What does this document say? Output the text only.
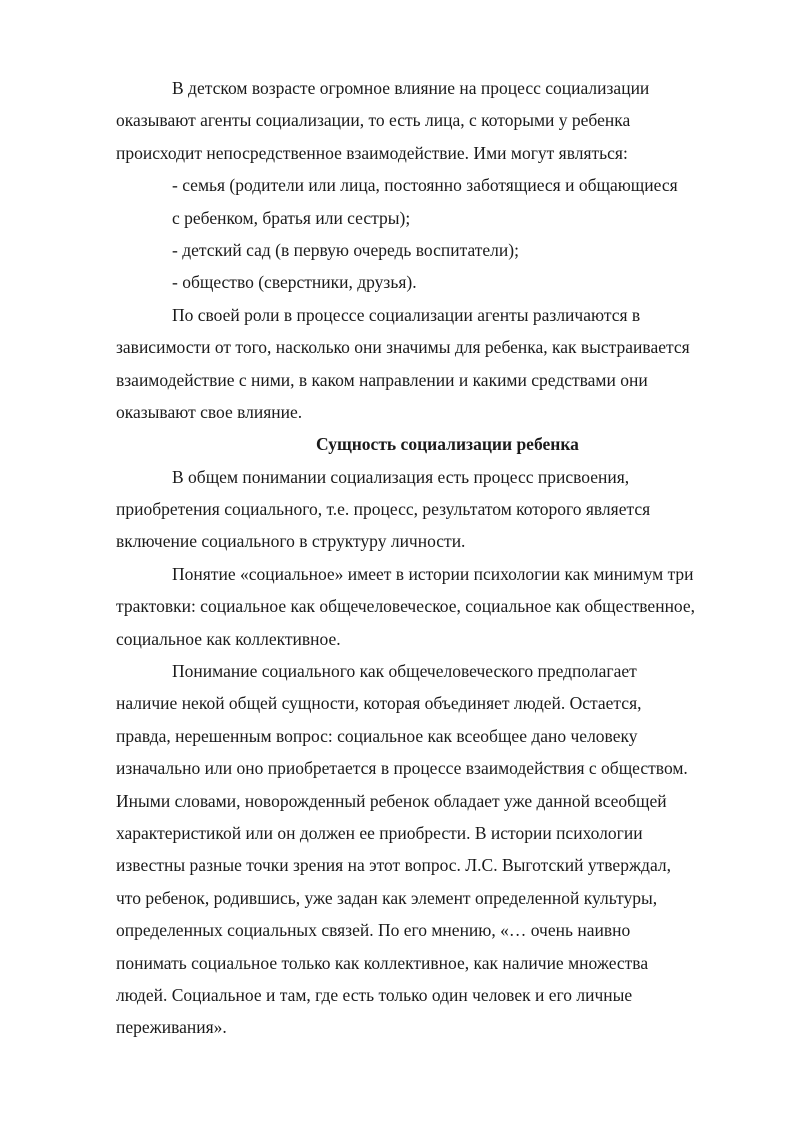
В детском возрасте огромное влияние на процесс социализации
оказывают агенты социализации, то есть лица, с которыми у ребенка
происходит непосредственное взаимодействие. Ими могут являться:
- семья (родители или лица, постоянно заботящиеся и общающиеся
с ребенком, братья или сестры);
- детский сад (в первую очередь воспитатели);
- общество (сверстники, друзья).
По своей роли в процессе социализации агенты различаются в
зависимости от того, насколько они значимы для ребенка, как выстраивается
взаимодействие с ними, в каком направлении и какими средствами они
оказывают свое влияние.
Сущность социализации ребенка
В общем понимании социализация есть процесс присвоения,
приобретения социального, т.е. процесс, результатом которого является
включение социального в структуру личности.
Понятие «социальное» имеет в истории психологии как минимум три
трактовки: социальное как общечеловеческое, социальное как общественное,
социальное как коллективное.
Понимание социального как общечеловеческого предполагает
наличие некой общей сущности, которая объединяет людей. Остается,
правда, нерешенным вопрос: социальное как всеобщее дано человеку
изначально или оно приобретается в процессе взаимодействия с обществом.
Иными словами, новорожденный ребенок обладает уже данной всеобщей
характеристикой или он должен ее приобрести. В истории психологии
известны разные точки зрения на этот вопрос. Л.С. Выготский утверждал,
что ребенок, родившись, уже задан как элемент определенной культуры,
определенных социальных связей. По его мнению, «… очень наивно
понимать социальное только как коллективное, как наличие множества
людей. Социальное и там, где есть только один человек и его личные
переживания».
